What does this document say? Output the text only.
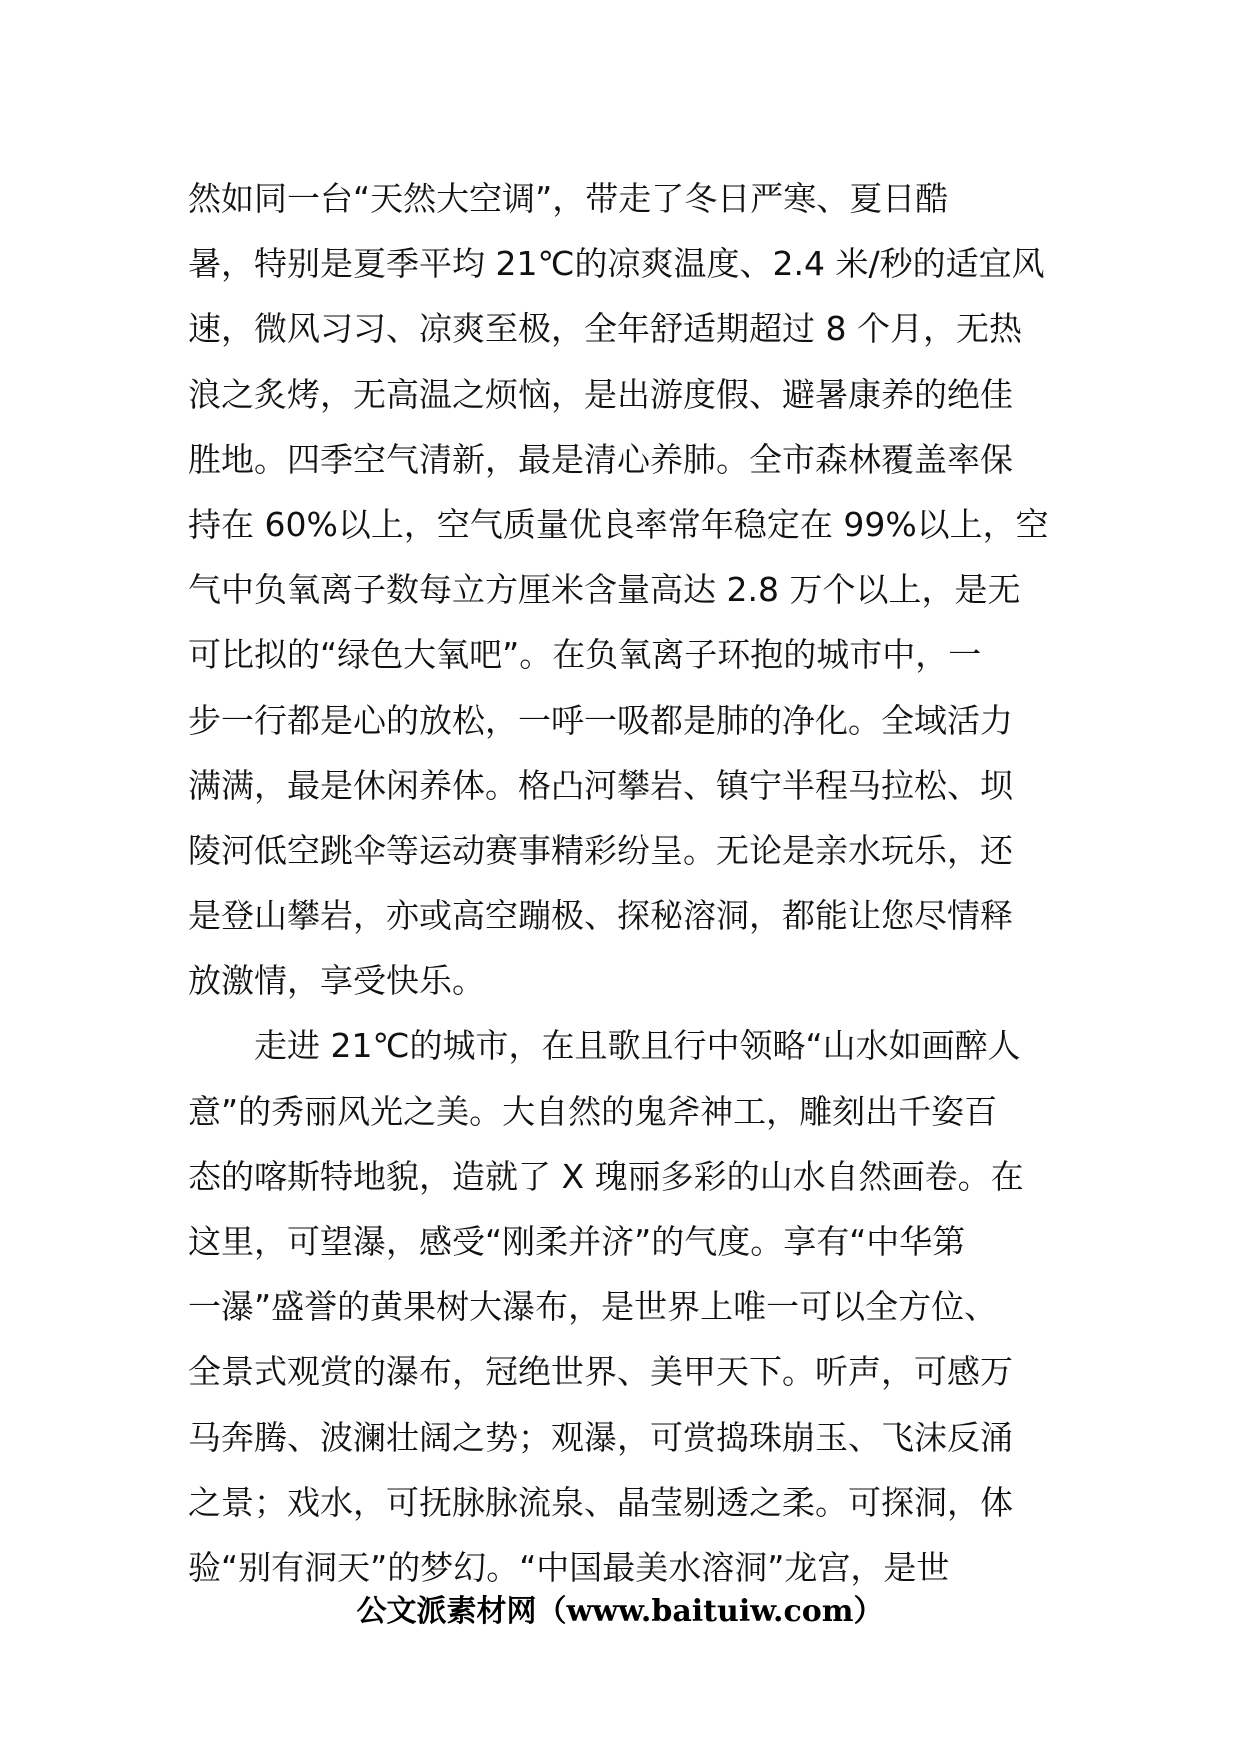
然如同一台“天然大空调”，带走了冬日严寒、夏日酷
暑，特别是夏季平均 21℃的凉爽温度、2.4 米/秒的适宜风
速，微风习习、凉爽至极，全年舒适期超过 8 个月，无热
浪之炙烤，无高温之烦恼，是出游度假、避暑康养的绝佳
胜地。四季空气清新，最是清心养肺。全市森林覆盖率保
持在 60%以上，空气质量优良率常年稳定在 99%以上，空
气中负氧离子数每立方厘米含量高达 2.8 万个以上，是无
可比拟的“绿色大氧吧”。在负氧离子环抱的城市中，一
步一行都是心的放松，一呼一吸都是肺的净化。全域活力
满满，最是休闲养体。格凸河攀岩、镇宁半程马拉松、坝
陵河低空跳伞等运动赛事精彩纷呈。无论是亲水玩乐，还
是登山攀岩，亦或高空蹦极、探秘溶洞，都能让您尽情释
放激情，享受快乐。
走进 21℃的城市，在且歌且行中领略“山水如画醉人
意”的秀丽风光之美。大自然的鬼斧神工，雕刻出千姿百
态的喀斯特地貌，造就了 X 瑰丽多彩的山水自然画卷。在
这里，可望瀑，感受“刚柔并济”的气度。享有“中华第
一瀑”盛誉的黄果树大瀑布，是世界上唯一可以全方位、
全景式观赏的瀑布，冠绝世界、美甲天下。听声，可感万
马奔腾、波澜壮阔之势；观瀑，可赏捣珠崩玉、飞沫反涌
之景；戏水，可抚脉脉流泉、晶莹剔透之柔。可探洞，体
验“别有洞天”的梦幻。“中国最美水溶洞”龙宫，是世
公文派素材网（www.baituiw.com）
